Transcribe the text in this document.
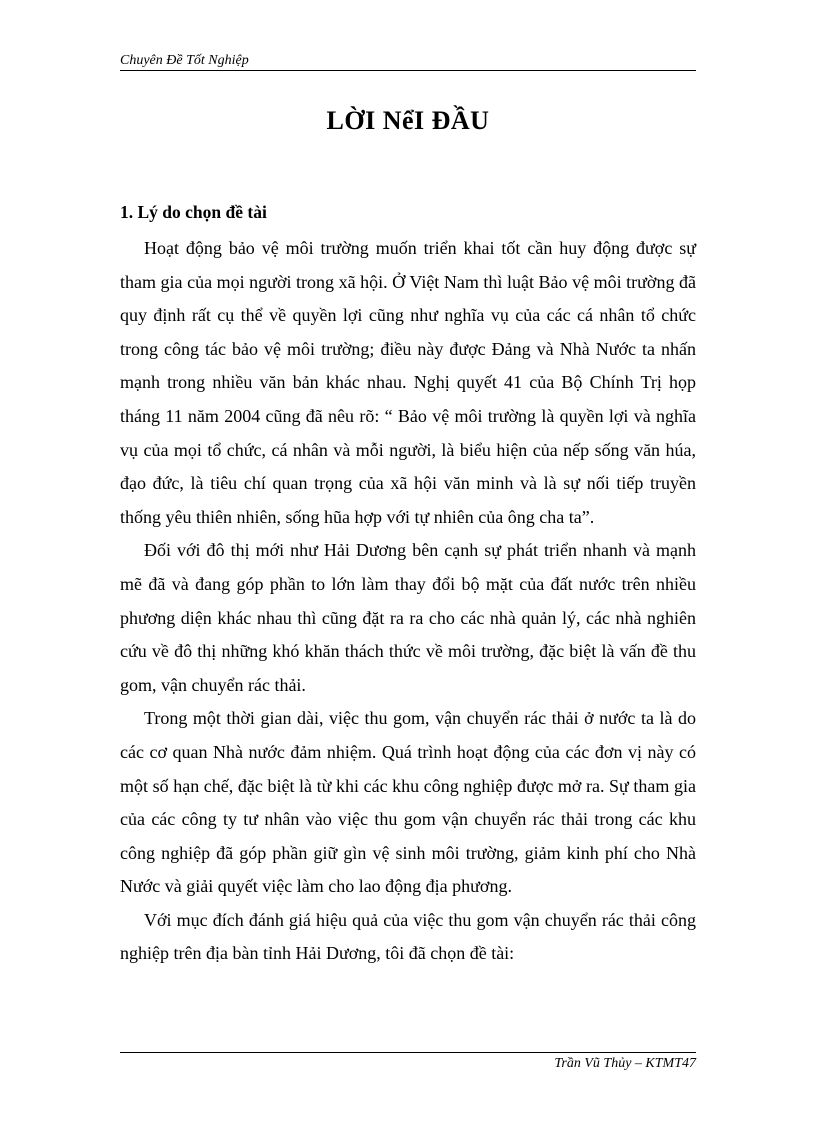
Chuyên Đề Tốt Nghiệp
LỜI NểI ĐẦU
1. Lý do chọn đề tài

Hoạt động bảo vệ môi trường muốn triển khai tốt cần huy động được sự tham gia của mọi người trong xã hội. Ở Việt Nam thì luật Bảo vệ môi trường đã quy định rất cụ thể về quyền lợi cũng như nghĩa vụ của các cá nhân tổ chức trong công tác bảo vệ môi trường; điều này được Đảng và Nhà Nước ta nhấn mạnh trong nhiều văn bản khác nhau. Nghị quyết 41 của Bộ Chính Trị họp tháng 11 năm 2004 cũng đã nêu rõ: “ Bảo vệ môi trường là quyền lợi và nghĩa vụ của mọi tổ chức, cá nhân và mỗi người, là biểu hiện của nếp sống văn húa, đạo đức, là tiêu chí quan trọng của xã hội văn minh và là sự nối tiếp truyền thống yêu thiên nhiên, sống hũa hợp với tự nhiên của ông cha ta”.

Đối với đô thị mới như Hải Dương bên cạnh sự phát triển nhanh và mạnh mẽ đã và đang góp phần to lớn làm thay đổi bộ mặt của đất nước trên nhiều phương diện khác nhau thì cũng đặt ra ra cho các nhà quản lý, các nhà nghiên cứu về đô thị những khó khăn thách thức về môi trường, đặc biệt là vấn đề thu gom, vận chuyển rác thải.

Trong một thời gian dài, việc thu gom, vận chuyển rác thải ở nước ta là do các cơ quan Nhà nước đảm nhiệm. Quá trình hoạt động của các đơn vị này có một số hạn chế, đặc biệt là từ khi các khu công nghiệp được mở ra. Sự tham gia của các công ty tư nhân vào việc thu gom vận chuyển rác thải trong các khu công nghiệp đã góp phần giữ gìn vệ sinh môi trường, giảm kinh phí cho Nhà Nước và giải quyết việc làm cho lao động địa phương.

Với mục đích đánh giá hiệu quả của việc thu gom vận chuyển rác thải công nghiệp trên địa bàn tỉnh Hải Dương, tôi đã chọn đề tài:

Trần Vũ Thủy – KTMT47
